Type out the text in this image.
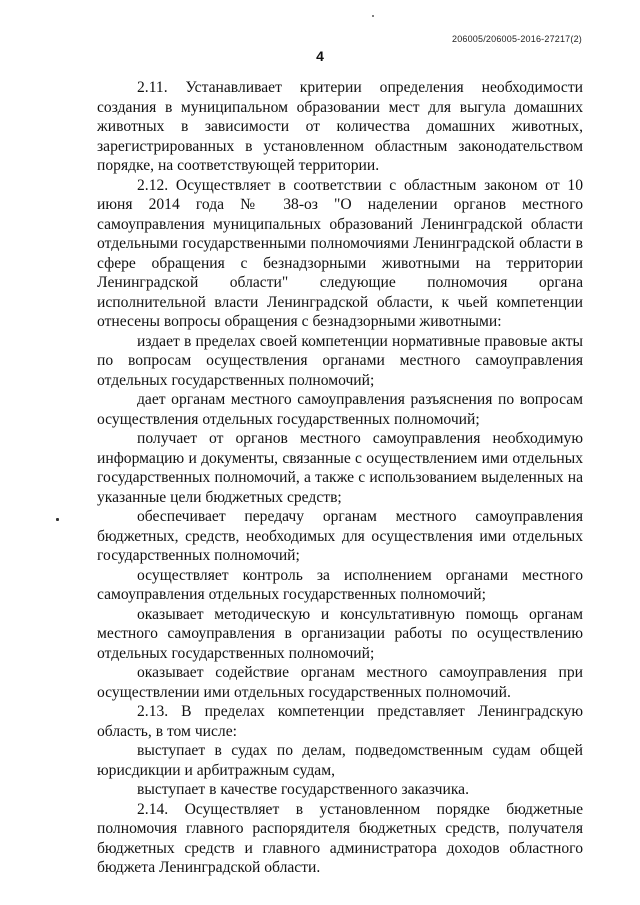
206005/206005-2016-27217(2)
4

2.11. Устанавливает критерии определения необходимости создания в муниципальном образовании мест для выгула домашних животных в зависимости от количества домашних животных, зарегистрированных в установленном областным законодательством порядке, на соответствующей территории.

2.12. Осуществляет в соответствии с областным законом от 10 июня 2014 года № 38-оз "О наделении органов местного самоуправления муниципальных образований Ленинградской области отдельными государственными полномочиями Ленинградской области в сфере обращения с безнадзорными животными на территории Ленинградской области" следующие полномочия органа исполнительной власти Ленинградской области, к чьей компетенции отнесены вопросы обращения с безнадзорными животными:

издает в пределах своей компетенции нормативные правовые акты по вопросам осуществления органами местного самоуправления отдельных государственных полномочий;

дает органам местного самоуправления разъяснения по вопросам осуществления отдельных государственных полномочий;

получает от органов местного самоуправления необходимую информацию и документы, связанные с осуществлением ими отдельных государственных полномочий, а также с использованием выделенных на указанные цели бюджетных средств;

обеспечивает передачу органам местного самоуправления бюджетных, средств, необходимых для осуществления ими отдельных государственных полномочий;

осуществляет контроль за исполнением органами местного самоуправления отдельных государственных полномочий;

оказывает методическую и консультативную помощь органам местного самоуправления в организации работы по осуществлению отдельных государственных полномочий;

оказывает содействие органам местного самоуправления при осуществлении ими отдельных государственных полномочий.

2.13. В пределах компетенции представляет Ленинградскую область, в том числе:

выступает в судах по делам, подведомственным судам общей юрисдикции и арбитражным судам,

выступает в качестве государственного заказчика.

2.14. Осуществляет в установленном порядке бюджетные полномочия главного распорядителя бюджетных средств, получателя бюджетных средств и главного администратора доходов областного бюджета Ленинградской области.
